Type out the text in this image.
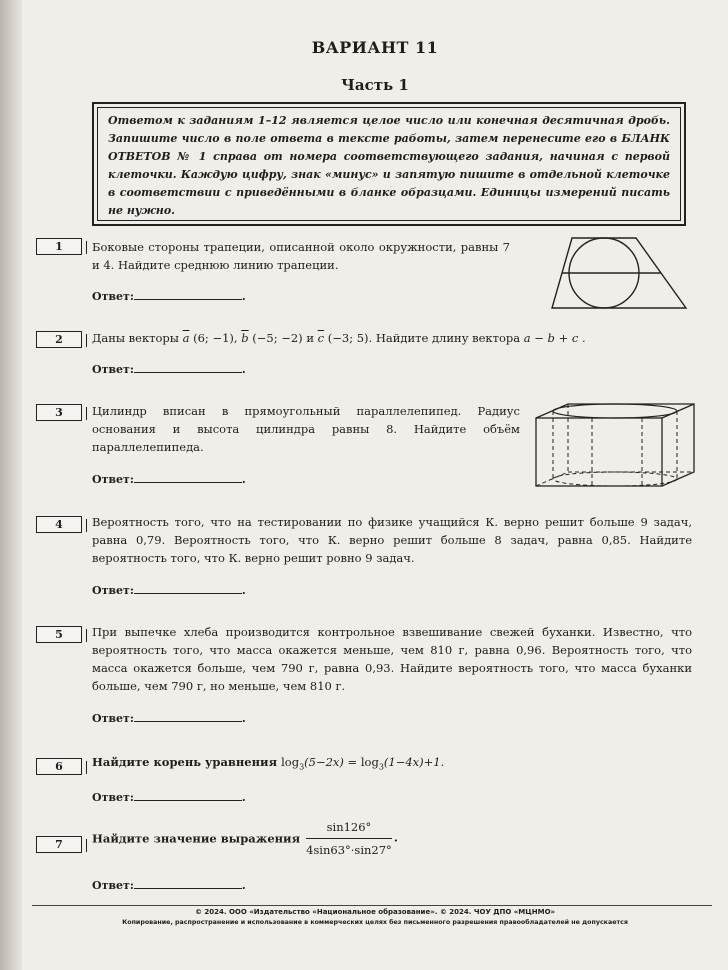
ВАРИАНТ 11
Часть 1
Ответом к заданиям 1–12 является целое число или конечная десятичная дробь. Запишите число в поле ответа в тексте работы, затем перенесите его в БЛАНК ОТВЕТОВ № 1 справа от номера соответствующего задания, начиная с первой клеточки. Каждую цифру, знак «минус» и запятую пишите в отдельной клеточке в соответствии с приведёнными в бланке образцами. Единицы измерений писать не нужно.
1	Боковые стороны трапеции, описанной около окружности, равны 7 и 4. Найдите среднюю линию трапеции.
Ответ:	.
2	Даны векторы $\overline{a}$ (6; −1), $\overline{b}$ (−5; −2) и $\overline{c}$ (−3; 5). Найдите длину вектора a − b + c .
Ответ:	.
3	Цилиндр вписан в прямоугольный параллелепипед. Радиус основания и высота цилиндра равны 8. Найдите объём параллелепипеда.
Ответ:	.
4	Вероятность того, что на тестировании по физике учащийся К. верно решит больше 9 задач, равна 0,79. Вероятность того, что К. верно решит больше 8 задач, равна 0,85. Найдите вероятность того, что К. верно решит ровно 9 задач.
Ответ:	.
5	При выпечке хлеба производится контрольное взвешивание свежей буханки. Известно, что вероятность того, что масса окажется меньше, чем 810 г, равна 0,96. Вероятность того, что масса окажется больше, чем 790 г, равна 0,93. Найдите вероятность того, что масса буханки больше, чем 790 г, но меньше, чем 810 г.
Ответ:	.
6	Найдите корень уравнения $\log_3(5-2x) = \log_3(1-4x)+1$.
Ответ:	.
7	Найдите значение выражения $\frac{\sin 126^\circ}{4\sin 63^\circ\cdot\sin 27^\circ}$ .
Ответ:	.
© 2024. ООО «Издательство «Национальное образование». © 2024. ЧОУ ДПО «МЦНМО»
Копирование, распространение и использование в коммерческих целях без письменного разрешения правообладателей не допускается
